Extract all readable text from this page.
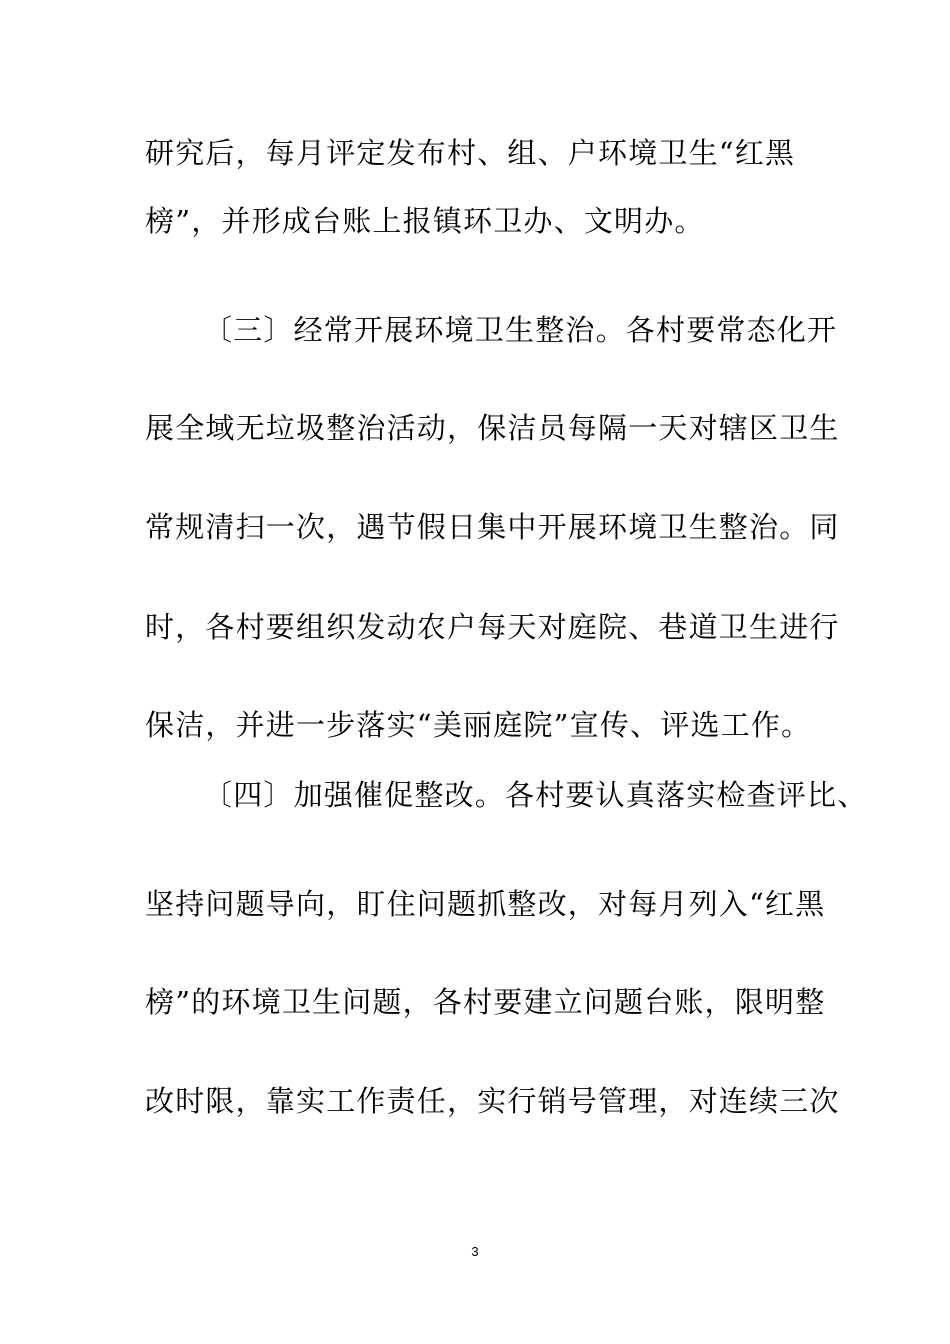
研究后，每月评定发布村、组、户环境卫生“红黑
榜”，并形成台账上报镇环卫办、文明办。
〔三〕经常开展环境卫生整治。各村要常态化开
展全域无垃圾整治活动，保洁员每隔一天对辖区卫生
常规清扫一次，遇节假日集中开展环境卫生整治。同
时，各村要组织发动农户每天对庭院、巷道卫生进行
保洁，并进一步落实“美丽庭院”宣传、评选工作。
〔四〕加强催促整改。各村要认真落实检查评比、
坚持问题导向，盯住问题抓整改，对每月列入“红黑
榜”的环境卫生问题，各村要建立问题台账，限明整
改时限，靠实工作责任，实行销号管理，对连续三次
3
